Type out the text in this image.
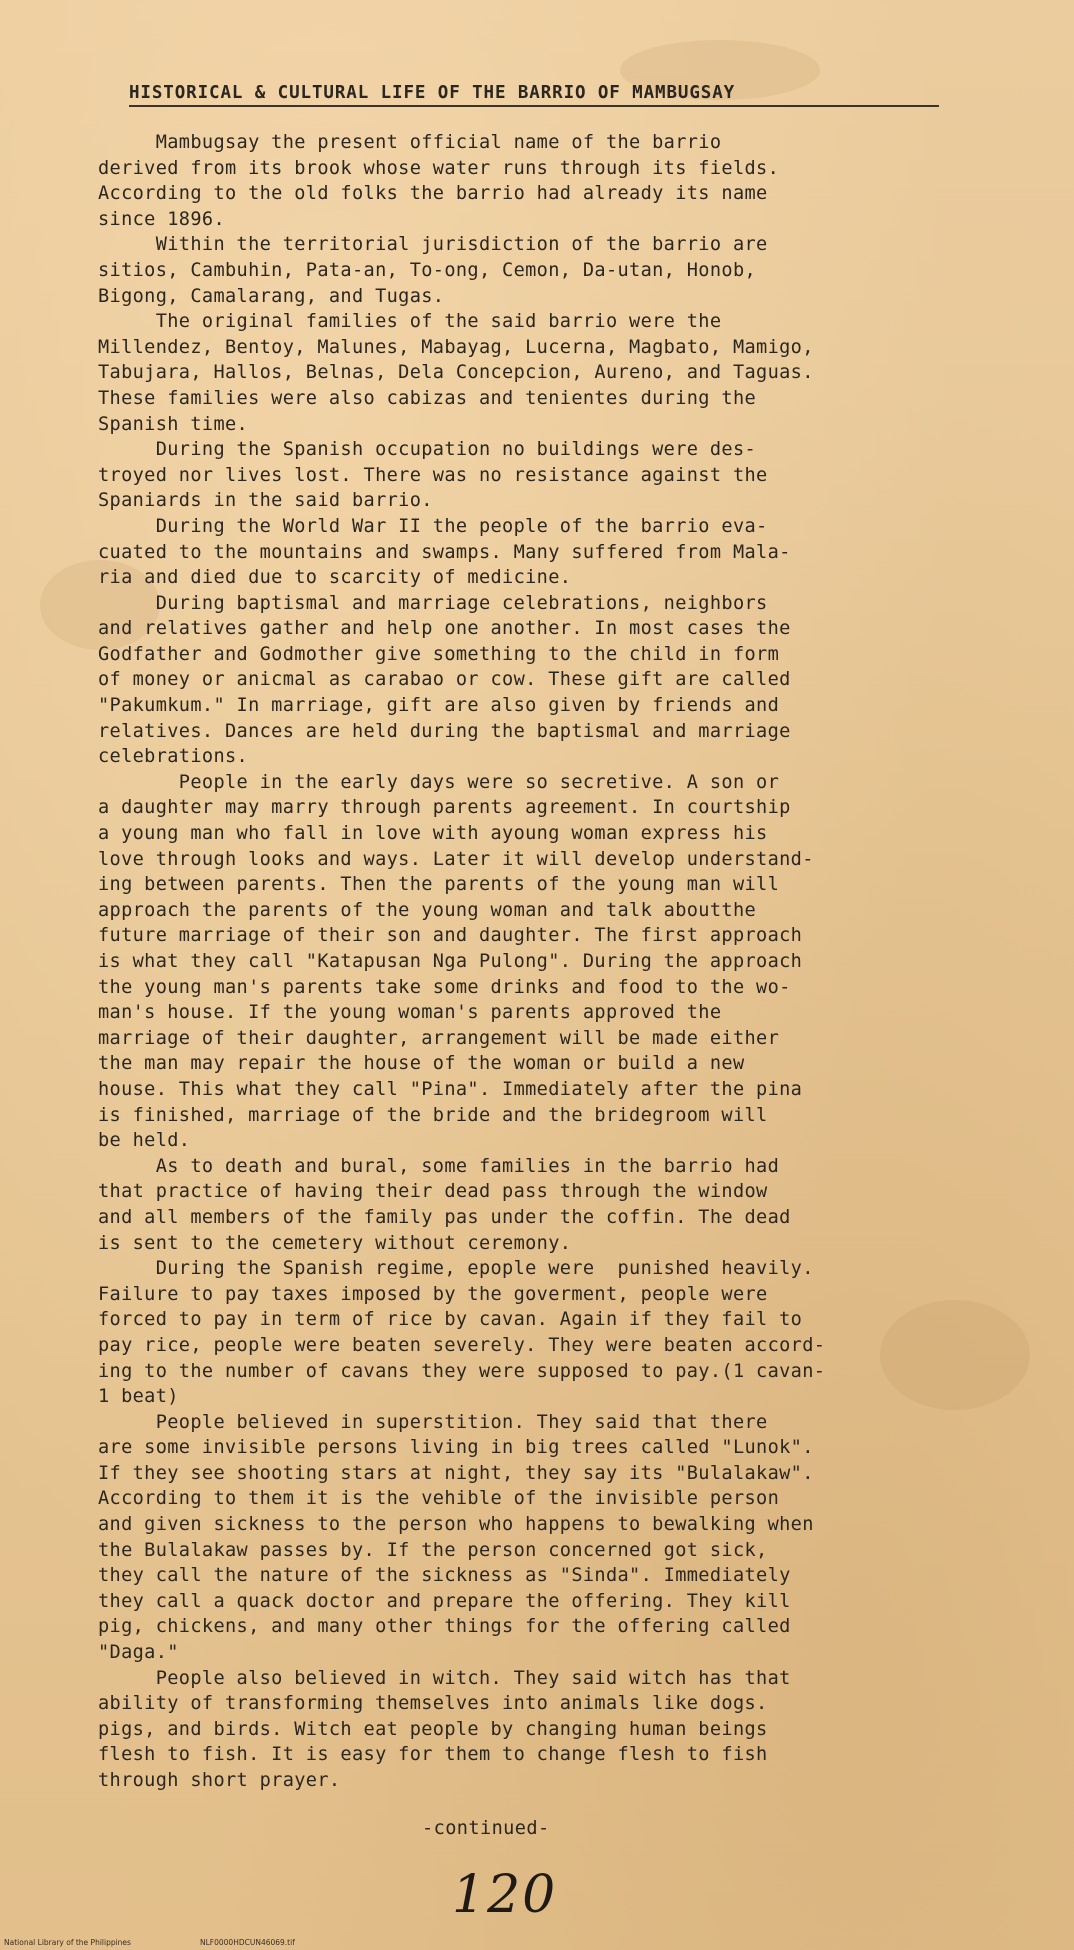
HISTORICAL & CULTURAL LIFE OF THE BARRIO OF MAMBUGSAY
Mambugsay the present official name of the barrio
derived from its brook whose water runs through its fields.
According to the old folks the barrio had already its name
since 1896.
Within the territorial jurisdiction of the barrio are
sitios, Cambuhin, Pata-an, To-ong, Cemon, Da-utan, Honob,
Bigong, Camalarang, and Tugas.
The original families of the said barrio were the
Millendez, Bentoy, Malunes, Mabayag, Lucerna, Magbato, Mamigo,
Tabujara, Hallos, Belnas, Dela Concepcion, Aureno, and Taguas.
These families were also cabizas and tenientes during the
Spanish time.
During the Spanish occupation no buildings were des-
troyed nor lives lost. There was no resistance against the
Spaniards in the said barrio.
During the World War II the people of the barrio eva-
cuated to the mountains and swamps. Many suffered from Mala-
ria and died due to scarcity of medicine.
During baptismal and marriage celebrations, neighbors
and relatives gather and help one another. In most cases the
Godfather and Godmother give something to the child in form
of money or anicmal as carabao or cow. These gift are called
"Pakumkum." In marriage, gift are also given by friends and
relatives. Dances are held during the baptismal and marriage
celebrations.
People in the early days were so secretive. A son or
a daughter may marry through parents agreement. In courtship
a young man who fall in love with ayoung woman express his
love through looks and ways. Later it will develop understand-
ing between parents. Then the parents of the young man will
approach the parents of the young woman and talk aboutthe
future marriage of their son and daughter. The first approach
is what they call "Katapusan Nga Pulong". During the approach
the young man's parents take some drinks and food to the wo-
man's house. If the young woman's parents approved the
marriage of their daughter, arrangement will be made either
the man may repair the house of the woman or build a new
house. This what they call "Pina". Immediately after the pina
is finished, marriage of the bride and the bridegroom will
be held.
As to death and bural, some families in the barrio had
that practice of having their dead pass through the window
and all members of the family pas under the coffin. The dead
is sent to the cemetery without ceremony.
During the Spanish regime, epople were  punished heavily.
Failure to pay taxes imposed by the goverment, people were
forced to pay in term of rice by cavan. Again if they fail to
pay rice, people were beaten severely. They were beaten accord-
ing to the number of cavans they were supposed to pay.(1 cavan-
1 beat)
People believed in superstition. They said that there
are some invisible persons living in big trees called "Lunok".
If they see shooting stars at night, they say its "Bulalakaw".
According to them it is the vehible of the invisible person
and given sickness to the person who happens to bewalking when
the Bulalakaw passes by. If the person concerned got sick,
they call the nature of the sickness as "Sinda". Immediately
they call a quack doctor and prepare the offering. They kill
pig, chickens, and many other things for the offering called
"Daga."
People also believed in witch. They said witch has that
ability of transforming themselves into animals like dogs.
pigs, and birds. Witch eat people by changing human beings
flesh to fish. It is easy for them to change flesh to fish
through short prayer.
-continued-
120
National Library of the Philippines	NLF0000HDCUN46069.tif
